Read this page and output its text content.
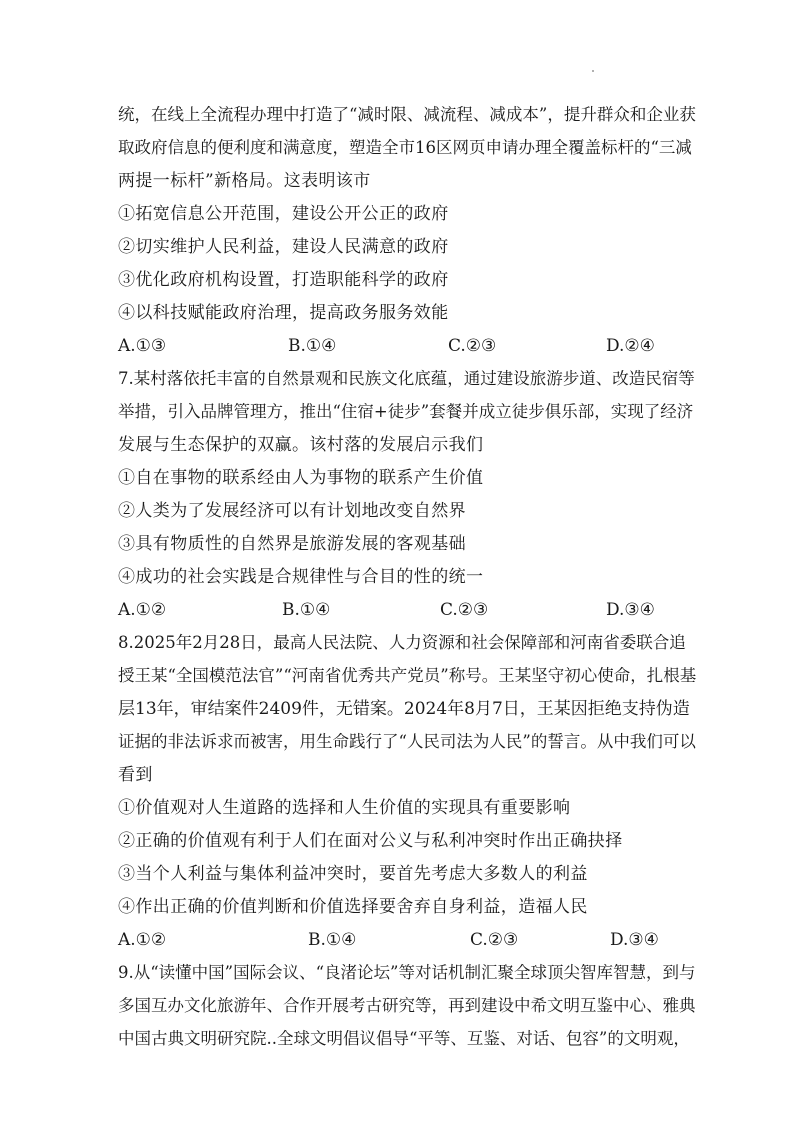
统，在线上全流程办理中打造了“减时限、减流程、减成本”，提升群众和企业获
取政府信息的便利度和满意度，塑造全市16区网页申请办理全覆盖标杆的“三减
两提一标杆”新格局。这表明该市
①拓宽信息公开范围，建设公开公正的政府
②切实维护人民利益，建设人民满意的政府
③优化政府机构设置，打造职能科学的政府
④以科技赋能政府治理，提高政务服务效能
A.①③	B.①④	C.②③	D.②④
7.某村落依托丰富的自然景观和民族文化底蕴，通过建设旅游步道、改造民宿等
举措，引入品牌管理方，推出“住宿+徒步”套餐并成立徒步俱乐部，实现了经济
发展与生态保护的双赢。该村落的发展启示我们
①自在事物的联系经由人为事物的联系产生价值
②人类为了发展经济可以有计划地改变自然界
③具有物质性的自然界是旅游发展的客观基础
④成功的社会实践是合规律性与合目的性的统一
A.①②	B.①④	C.②③	D.③④
8.2025年2月28日，最高人民法院、人力资源和社会保障部和河南省委联合追
授王某“全国模范法官”“河南省优秀共产党员”称号。王某坚守初心使命，扎根基
层13年，审结案件2409件，无错案。2024年8月7日，王某因拒绝支持伪造
证据的非法诉求而被害，用生命践行了“人民司法为人民”的誓言。从中我们可以
看到
①价值观对人生道路的选择和人生价值的实现具有重要影响
②正确的价值观有利于人们在面对公义与私利冲突时作出正确抉择
③当个人利益与集体利益冲突时，要首先考虑大多数人的利益
④作出正确的价值判断和价值选择要舍弃自身利益，造福人民
A.①②	B.①④	C.②③	D.③④
9.从“读懂中国”国际会议、“良渚论坛”等对话机制汇聚全球顶尖智库智慧，到与
多国互办文化旅游年、合作开展考古研究等，再到建设中希文明互鉴中心、雅典
中国古典文明研究院..全球文明倡议倡导“平等、互鉴、对话、包容”的文明观，
